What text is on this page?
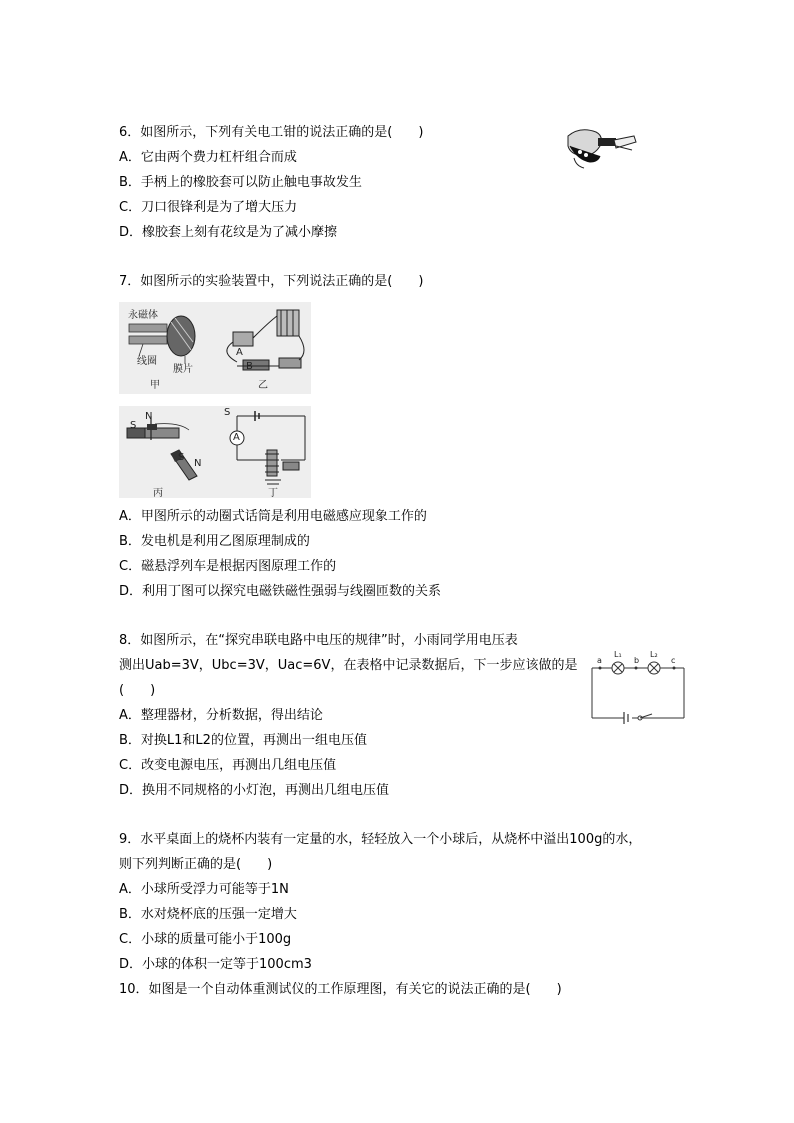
6．如图所示，下列有关电工钳的说法正确的是(　　)
A．它由两个费力杠杆组合而成
B．手柄上的橡胶套可以防止触电事故发生
C．刀口很锋利是为了增大压力
D．橡胶套上刻有花纹是为了减小摩擦
7．如图所示的实验装置中，下列说法正确的是(　　)
永磁体
线圈
膜片
甲	乙
A
B
S
N
N
S
A
S
丙	丁
A．甲图所示的动圈式话筒是利用电磁感应现象工作的
B．发电机是利用乙图原理制成的
C．磁悬浮列车是根据丙图原理工作的
D．利用丁图可以探究电磁铁磁性强弱与线圈匝数的关系
8．如图所示，在“探究串联电路中电压的规律”时，小雨同学用电压表
测出Uab=3V，Ubc=3V，Uac=6V，在表格中记录数据后，下一步应该做的是
(　　)
L₁	L₂
a	b	c
A．整理器材，分析数据，得出结论
B．对换L1和L2的位置，再测出一组电压值
C．改变电源电压，再测出几组电压值
D．换用不同规格的小灯泡，再测出几组电压值
9．水平桌面上的烧杯内装有一定量的水，轻轻放入一个小球后，从烧杯中溢出100g的水，
则下列判断正确的是(　　)
A．小球所受浮力可能等于1N
B．水对烧杯底的压强一定增大
C．小球的质量可能小于100g
D．小球的体积一定等于100cm3
10．如图是一个自动体重测试仪的工作原理图，有关它的说法正确的是(　　)
